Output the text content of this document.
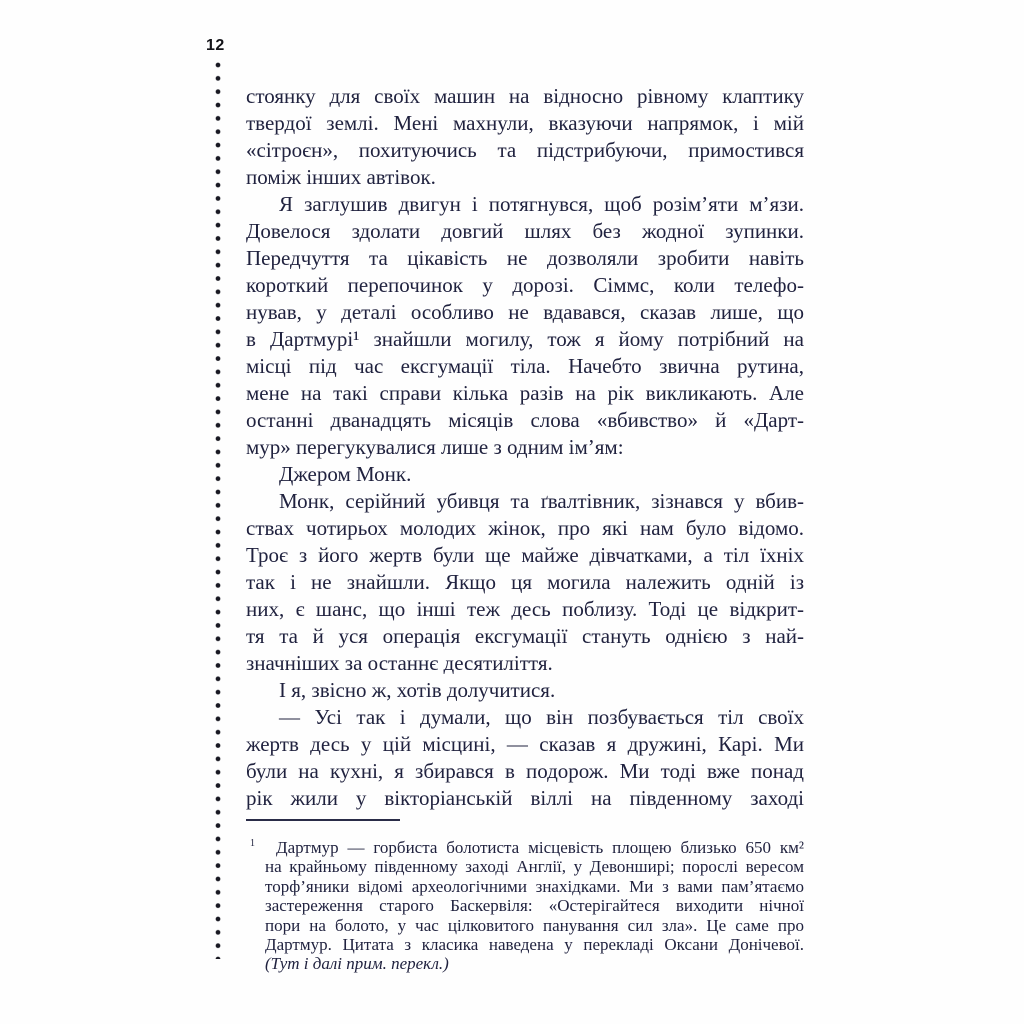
12
стоянку для своїх машин на відносно рівному клаптику
твердої землі. Мені махнули, вказуючи напрямок, і мій
«сітроєн», похитуючись та підстрибуючи, примостився
поміж інших автівок.
Я заглушив двигун і потягнувся, щоб розім’яти м’язи.
Довелося здолати довгий шлях без жодної зупинки.
Передчуття та цікавість не дозволяли зробити навіть
короткий перепочинок у дорозі. Сіммс, коли телефо-
нував, у деталі особливо не вдавався, сказав лише, що
в Дартмурі¹ знайшли могилу, тож я йому потрібний на
місці під час ексгумації тіла. Начебто звична рутина,
мене на такі справи кілька разів на рік викликають. Але
останні дванадцять місяців слова «вбивство» й «Дарт-
мур» перегукувалися лише з одним ім’ям:
Джером Монк.
Монк, серійний убивця та ґвалтівник, зізнався у вбив-
ствах чотирьох молодих жінок, про які нам було відомо.
Троє з його жертв були ще майже дівчатками, а тіл їхніх
так і не знайшли. Якщо ця могила належить одній із
них, є шанс, що інші теж десь поблизу. Тоді це відкрит-
тя та й уся операція ексгумації стануть однією з най-
значніших за останнє десятиліття.
І я, звісно ж, хотів долучитися.
— Усі так і думали, що він позбувається тіл своїх
жертв десь у цій місцині, — сказав я дружині, Карі. Ми
були на кухні, я збирався в подорож. Ми тоді вже понад
рік жили у вікторіанській віллі на південному заході
1 Дартмур — горбиста болотиста місцевість площею близько 650 км²
на крайньому південному заході Англії, у Девонширі; порослі вересом
торф’яники відомі археологічними знахідками. Ми з вами пам’ятаємо
застереження старого Баскервіля: «Остерігайтеся виходити нічної
пори на болото, у час цілковитого панування сил зла». Це саме про
Дартмур. Цитата з класика наведена у перекладі Оксани Донічевої.
(Тут і далі прим. перекл.)
